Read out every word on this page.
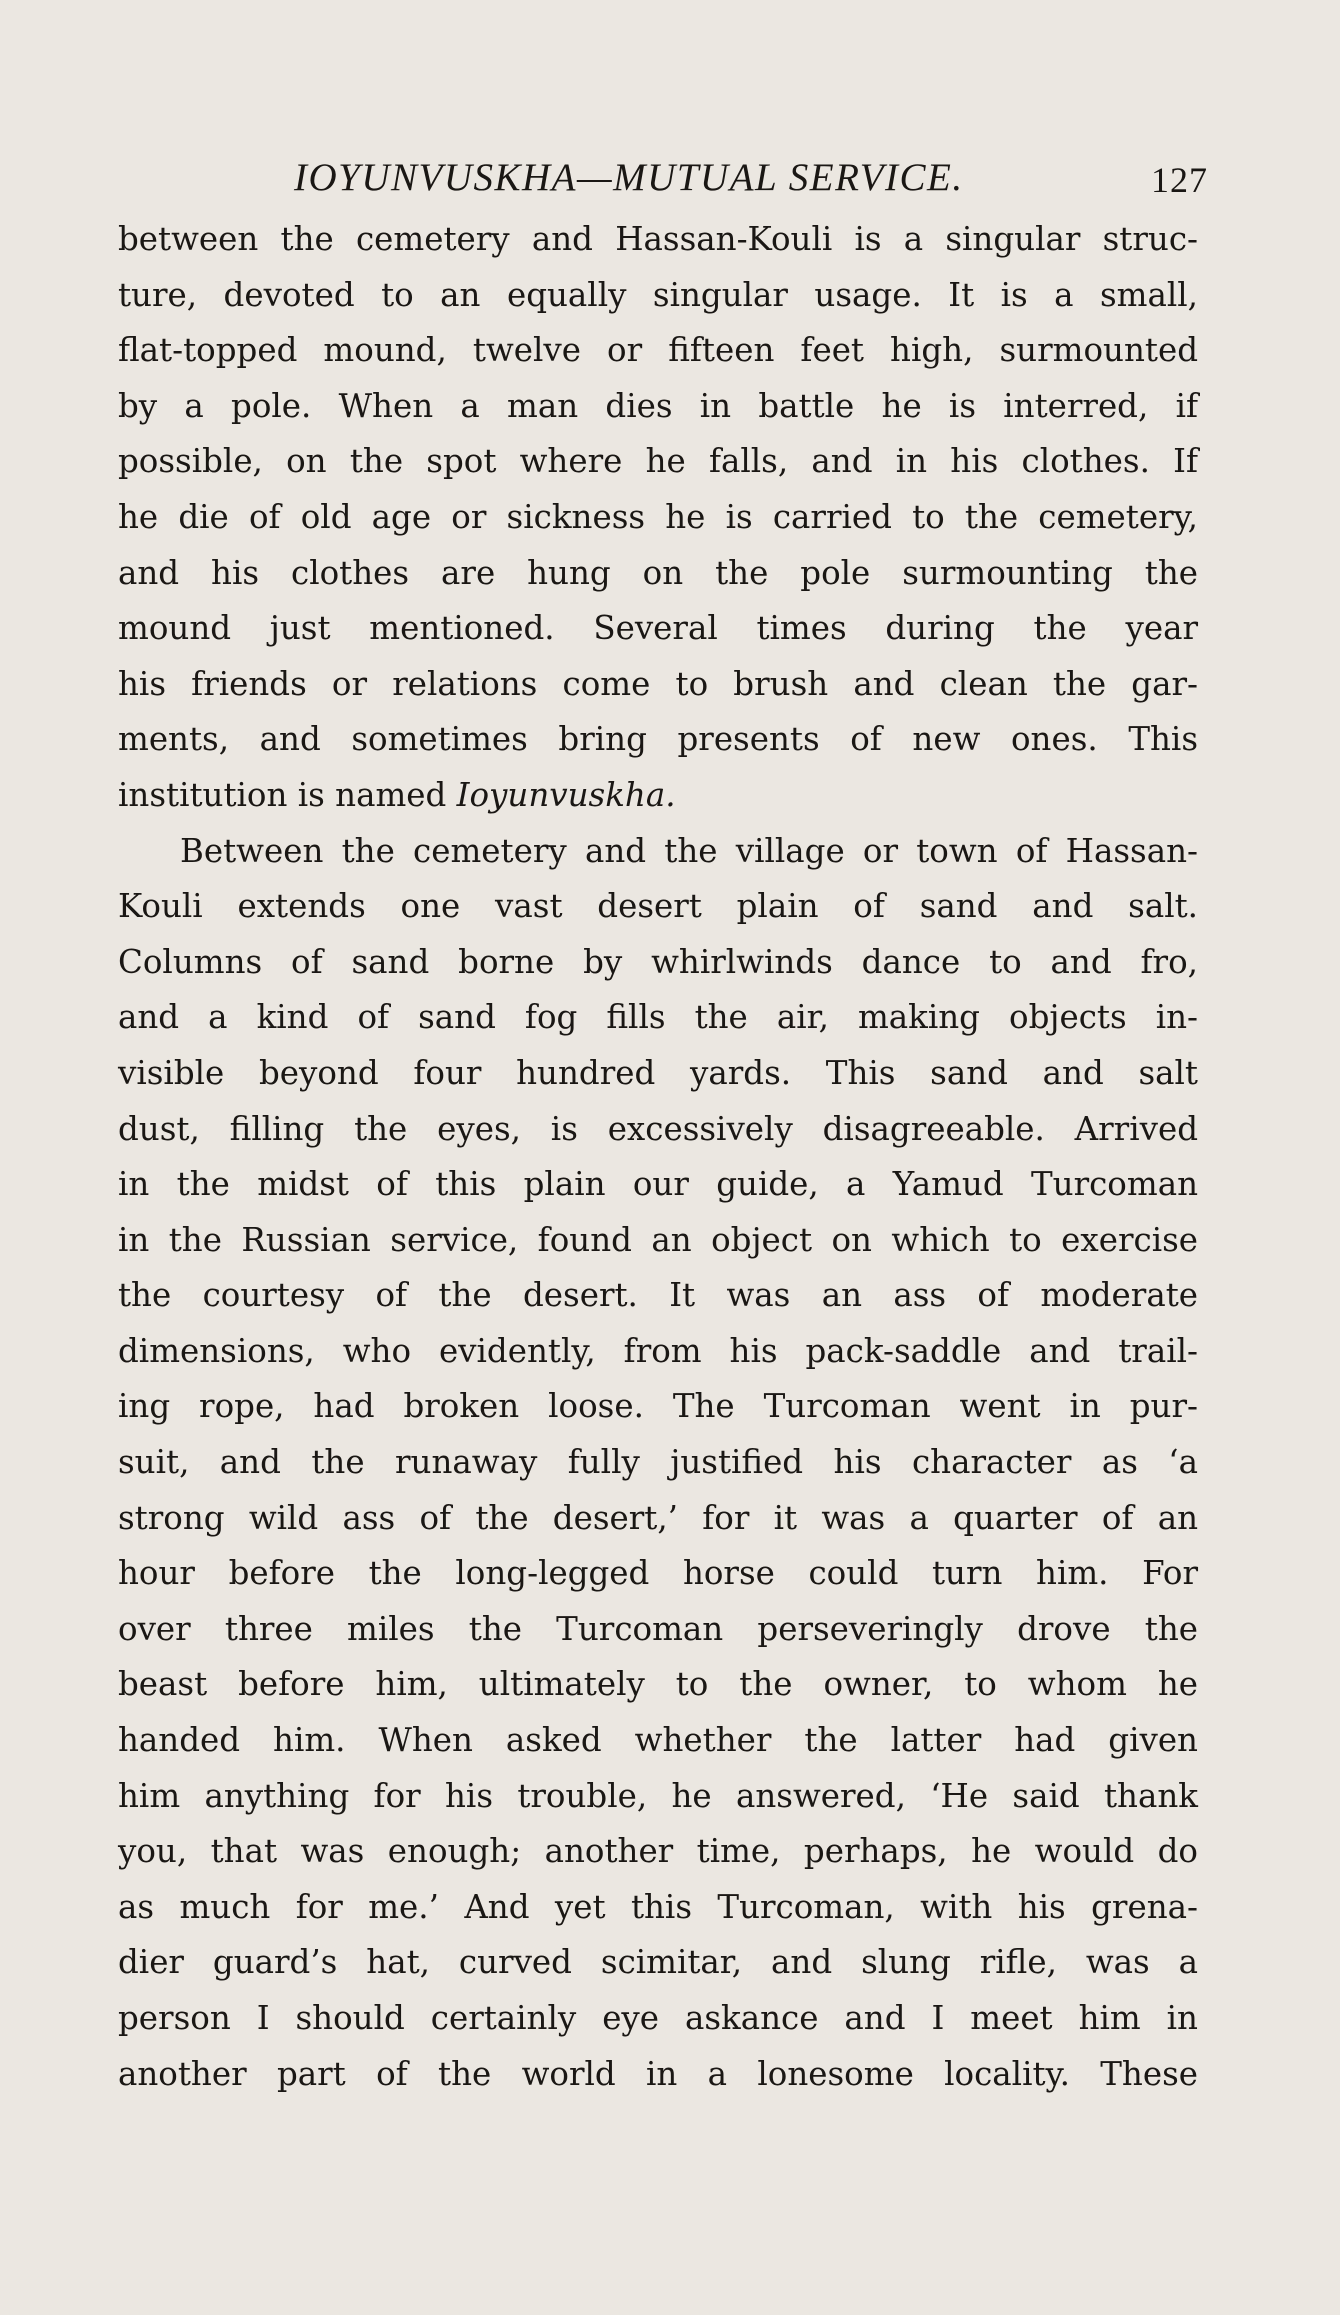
IOYUNVUSKHA—MUTUAL SERVICE.	127
between the cemetery and Hassan-Kouli is a singular struc-
ture, devoted to an equally singular usage. It is a small,
flat-topped mound, twelve or fifteen feet high, surmounted
by a pole. When a man dies in battle he is interred, if
possible, on the spot where he falls, and in his clothes. If
he die of old age or sickness he is carried to the cemetery,
and his clothes are hung on the pole surmounting the
mound just mentioned. Several times during the year
his friends or relations come to brush and clean the gar-
ments, and sometimes bring presents of new ones. This
institution is named Ioyunvuskha.
Between the cemetery and the village or town of Hassan-
Kouli extends one vast desert plain of sand and salt.
Columns of sand borne by whirlwinds dance to and fro,
and a kind of sand fog fills the air, making objects in-
visible beyond four hundred yards. This sand and salt
dust, filling the eyes, is excessively disagreeable. Arrived
in the midst of this plain our guide, a Yamud Turcoman
in the Russian service, found an object on which to exercise
the courtesy of the desert. It was an ass of moderate
dimensions, who evidently, from his pack-saddle and trail-
ing rope, had broken loose. The Turcoman went in pur-
suit, and the runaway fully justified his character as ‘a
strong wild ass of the desert,’ for it was a quarter of an
hour before the long-legged horse could turn him. For
over three miles the Turcoman perseveringly drove the
beast before him, ultimately to the owner, to whom he
handed him. When asked whether the latter had given
him anything for his trouble, he answered, ‘He said thank
you, that was enough; another time, perhaps, he would do
as much for me.’ And yet this Turcoman, with his grena-
dier guard’s hat, curved scimitar, and slung rifle, was a
person I should certainly eye askance and I meet him in
another part of the world in a lonesome locality. These
